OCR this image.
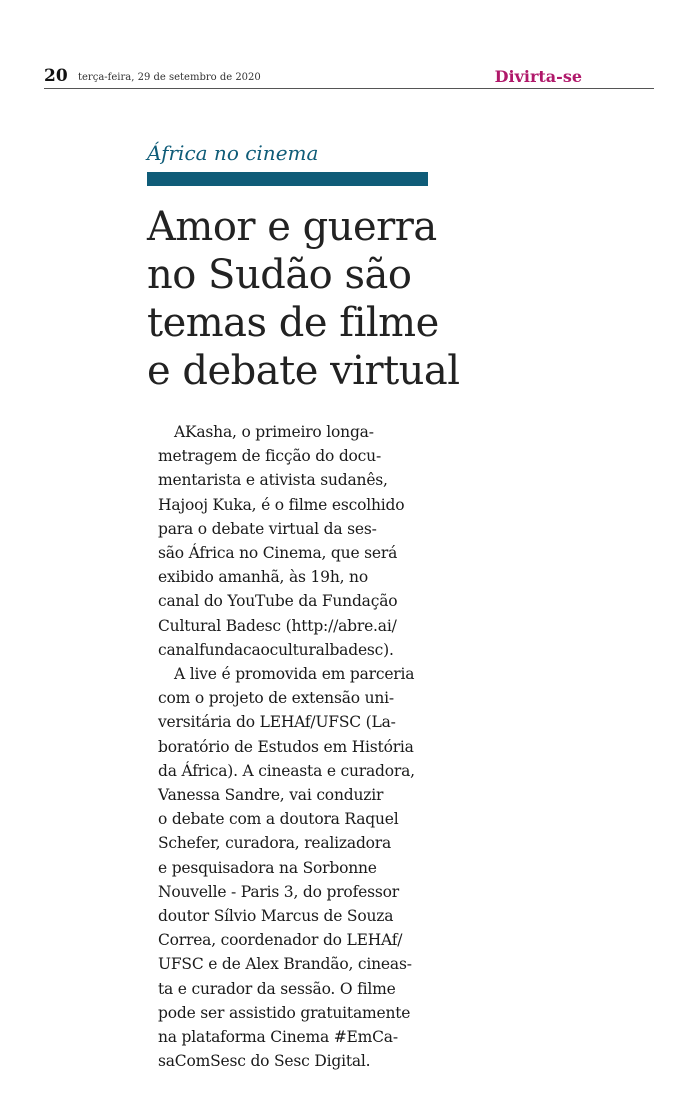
20 terça-feira, 29 de setembro de 2020	Divirta-se
África no cinema
Amor e guerra
no Sudão são
temas de filme
e debate virtual
AKasha, o primeiro longa-
metragem de ficção do docu-
mentarista e ativista sudanês,
Hajooj Kuka, é o filme escolhido
para o debate virtual da ses-
são África no Cinema, que será
exibido amanhã, às 19h, no
canal do YouTube da Fundação
Cultural Badesc (http://abre.ai/
canalfundacaoculturalbadesc).
A live é promovida em parceria
com o projeto de extensão uni-
versitária do LEHAf/UFSC (La-
boratório de Estudos em História
da África). A cineasta e curadora,
Vanessa Sandre, vai conduzir
o debate com a doutora Raquel
Schefer, curadora, realizadora
e pesquisadora na Sorbonne
Nouvelle - Paris 3, do professor
doutor Sílvio Marcus de Souza
Correa, coordenador do LEHAf/
UFSC e de Alex Brandão, cineas-
ta e curador da sessão. O filme
pode ser assistido gratuitamente
na plataforma Cinema #EmCa-
saComSesc do Sesc Digital.
